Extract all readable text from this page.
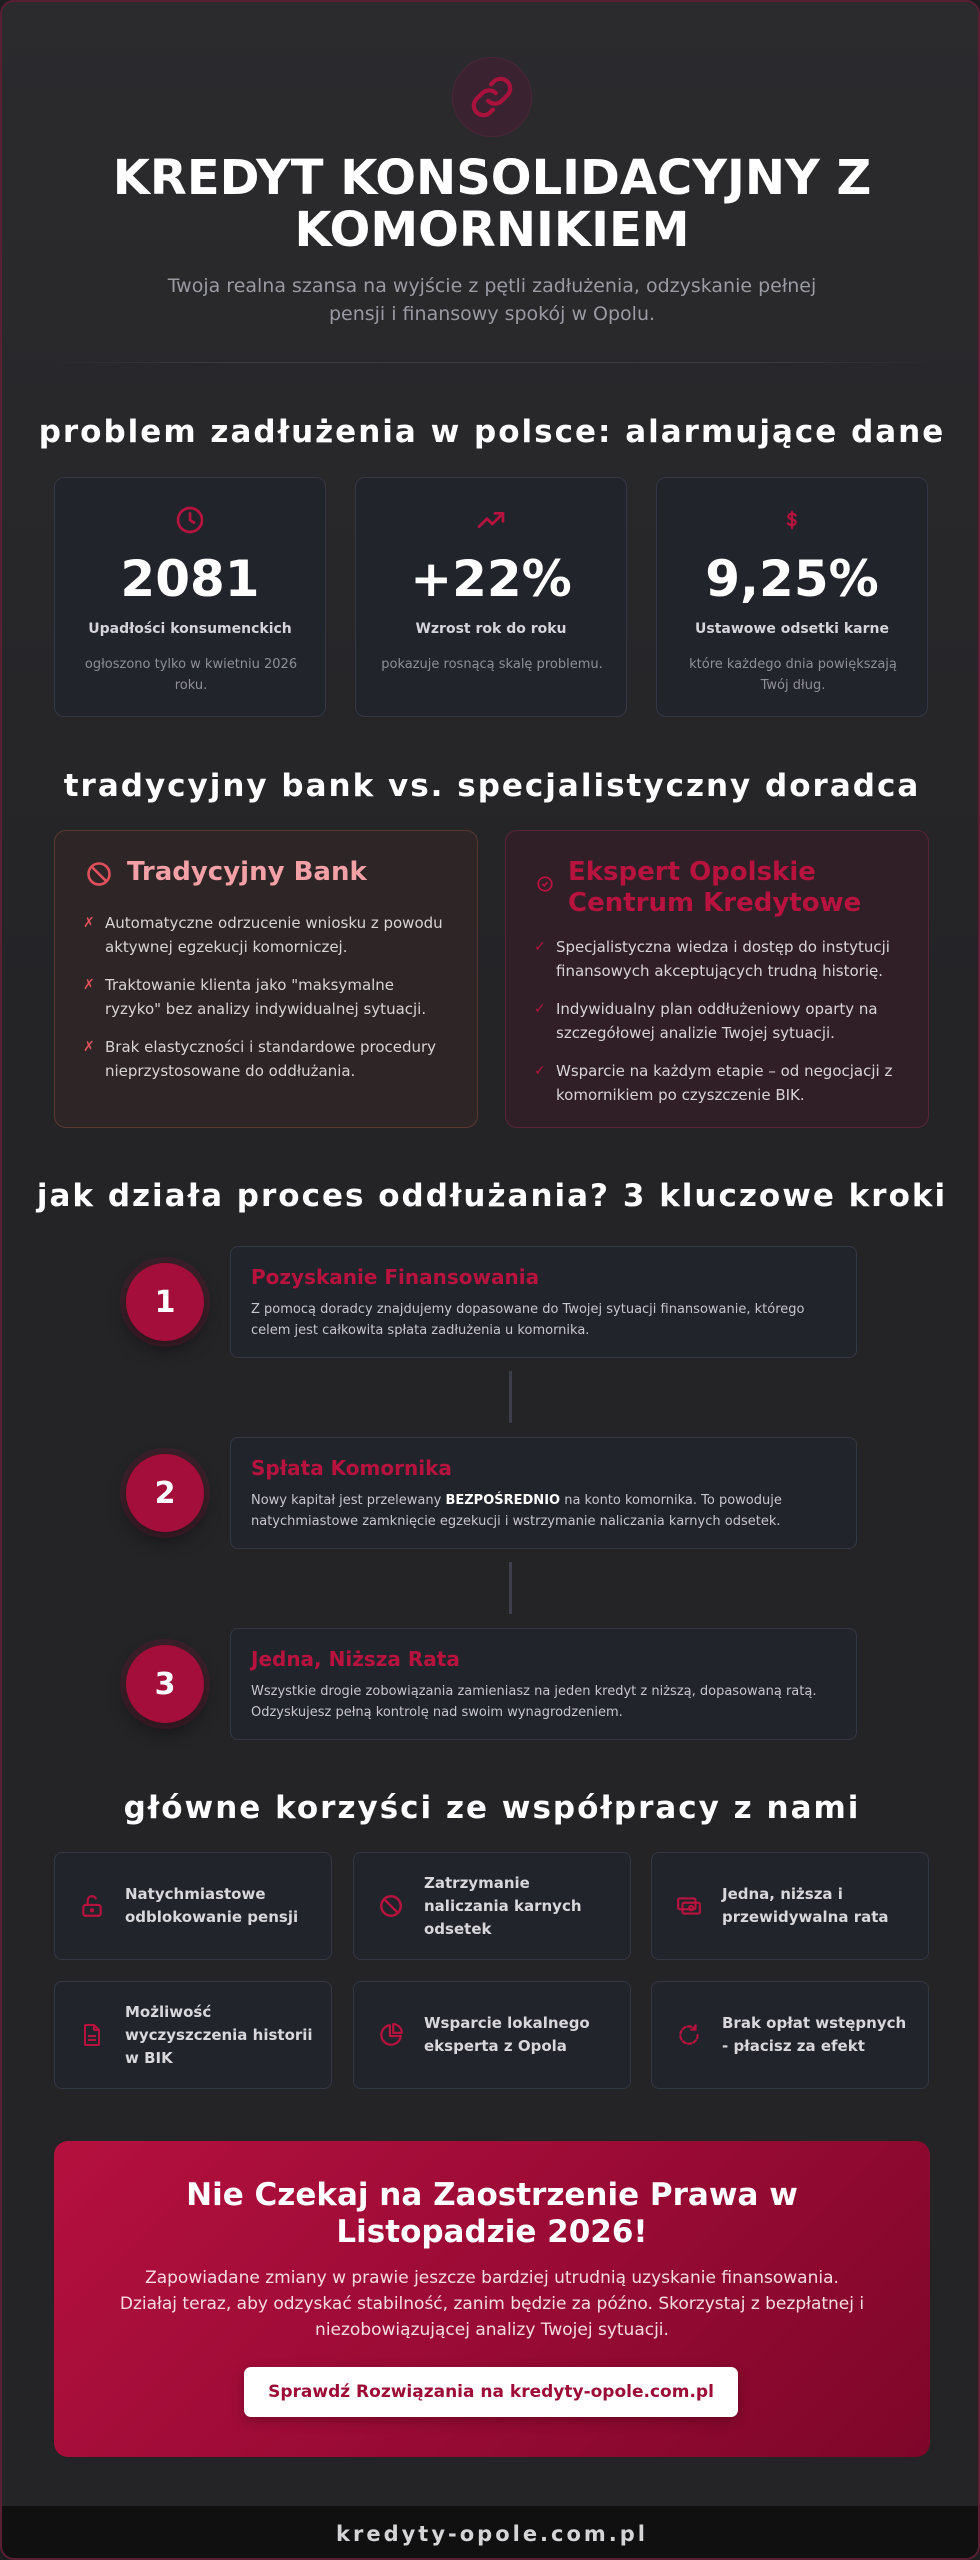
KREDYT KONSOLIDACYJNY Z KOMORNIKIEM

Twoja realna szansa na wyjście z pętli zadłużenia, odzyskanie pełnej pensji i finansowy spokój w Opolu.

problem zadłużenia w polsce: alarmujące dane
2081
Upadłości konsumenckich
ogłoszono tylko w kwietniu 2026 roku.
+22%
Wzrost rok do roku
pokazuje rosnącą skalę problemu.
9,25%
Ustawowe odsetki karne
które każdego dnia powiększają Twój dług.
tradycyjny bank vs. specjalistyczny doradca
Tradycyjny Bank
✗ Automatyczne odrzucenie wniosku z powodu aktywnej egzekucji komorniczej.
✗ Traktowanie klienta jako "maksymalne ryzyko" bez analizy indywidualnej sytuacji.
✗ Brak elastyczności i standardowe procedury nieprzystosowane do oddłużania.
Ekspert Opolskie Centrum Kredytowe
✓ Specjalistyczna wiedza i dostęp do instytucji finansowych akceptujących trudną historię.
✓ Indywidualny plan oddłużeniowy oparty na szczegółowej analizie Twojej sytuacji.
✓ Wsparcie na każdym etapie – od negocjacji z komornikiem po czyszczenie BIK.
jak działa proces oddłużania? 3 kluczowe kroki
1
Pozyskanie Finansowania
Z pomocą doradcy znajdujemy dopasowane do Twojej sytuacji finansowanie, którego celem jest całkowita spłata zadłużenia u komornika.
2
Spłata Komornika
Nowy kapitał jest przelewany BEZPOŚREDNIO na konto komornika. To powoduje natychmiastowe zamknięcie egzekucji i wstrzymanie naliczania karnych odsetek.
3
Jedna, Niższa Rata
Wszystkie drogie zobowiązania zamieniasz na jeden kredyt z niższą, dopasowaną ratą. Odzyskujesz pełną kontrolę nad swoim wynagrodzeniem.
główne korzyści ze współpracy z nami
Natychmiastowe odblokowanie pensji
Zatrzymanie naliczania karnych odsetek
Jedna, niższa i przewidywalna rata
Możliwość wyczyszczenia historii w BIK
Wsparcie lokalnego eksperta z Opola
Brak opłat wstępnych - płacisz za efekt
Nie Czekaj na Zaostrzenie Prawa w Listopadzie 2026!

Zapowiadane zmiany w prawie jeszcze bardziej utrudnią uzyskanie finansowania. Działaj teraz, aby odzyskać stabilność, zanim będzie za późno. Skorzystaj z bezpłatnej i niezobowiązującej analizy Twojej sytuacji.

Sprawdź Rozwiązania na kredyty-opole.com.pl
kredyty-opole.com.pl
